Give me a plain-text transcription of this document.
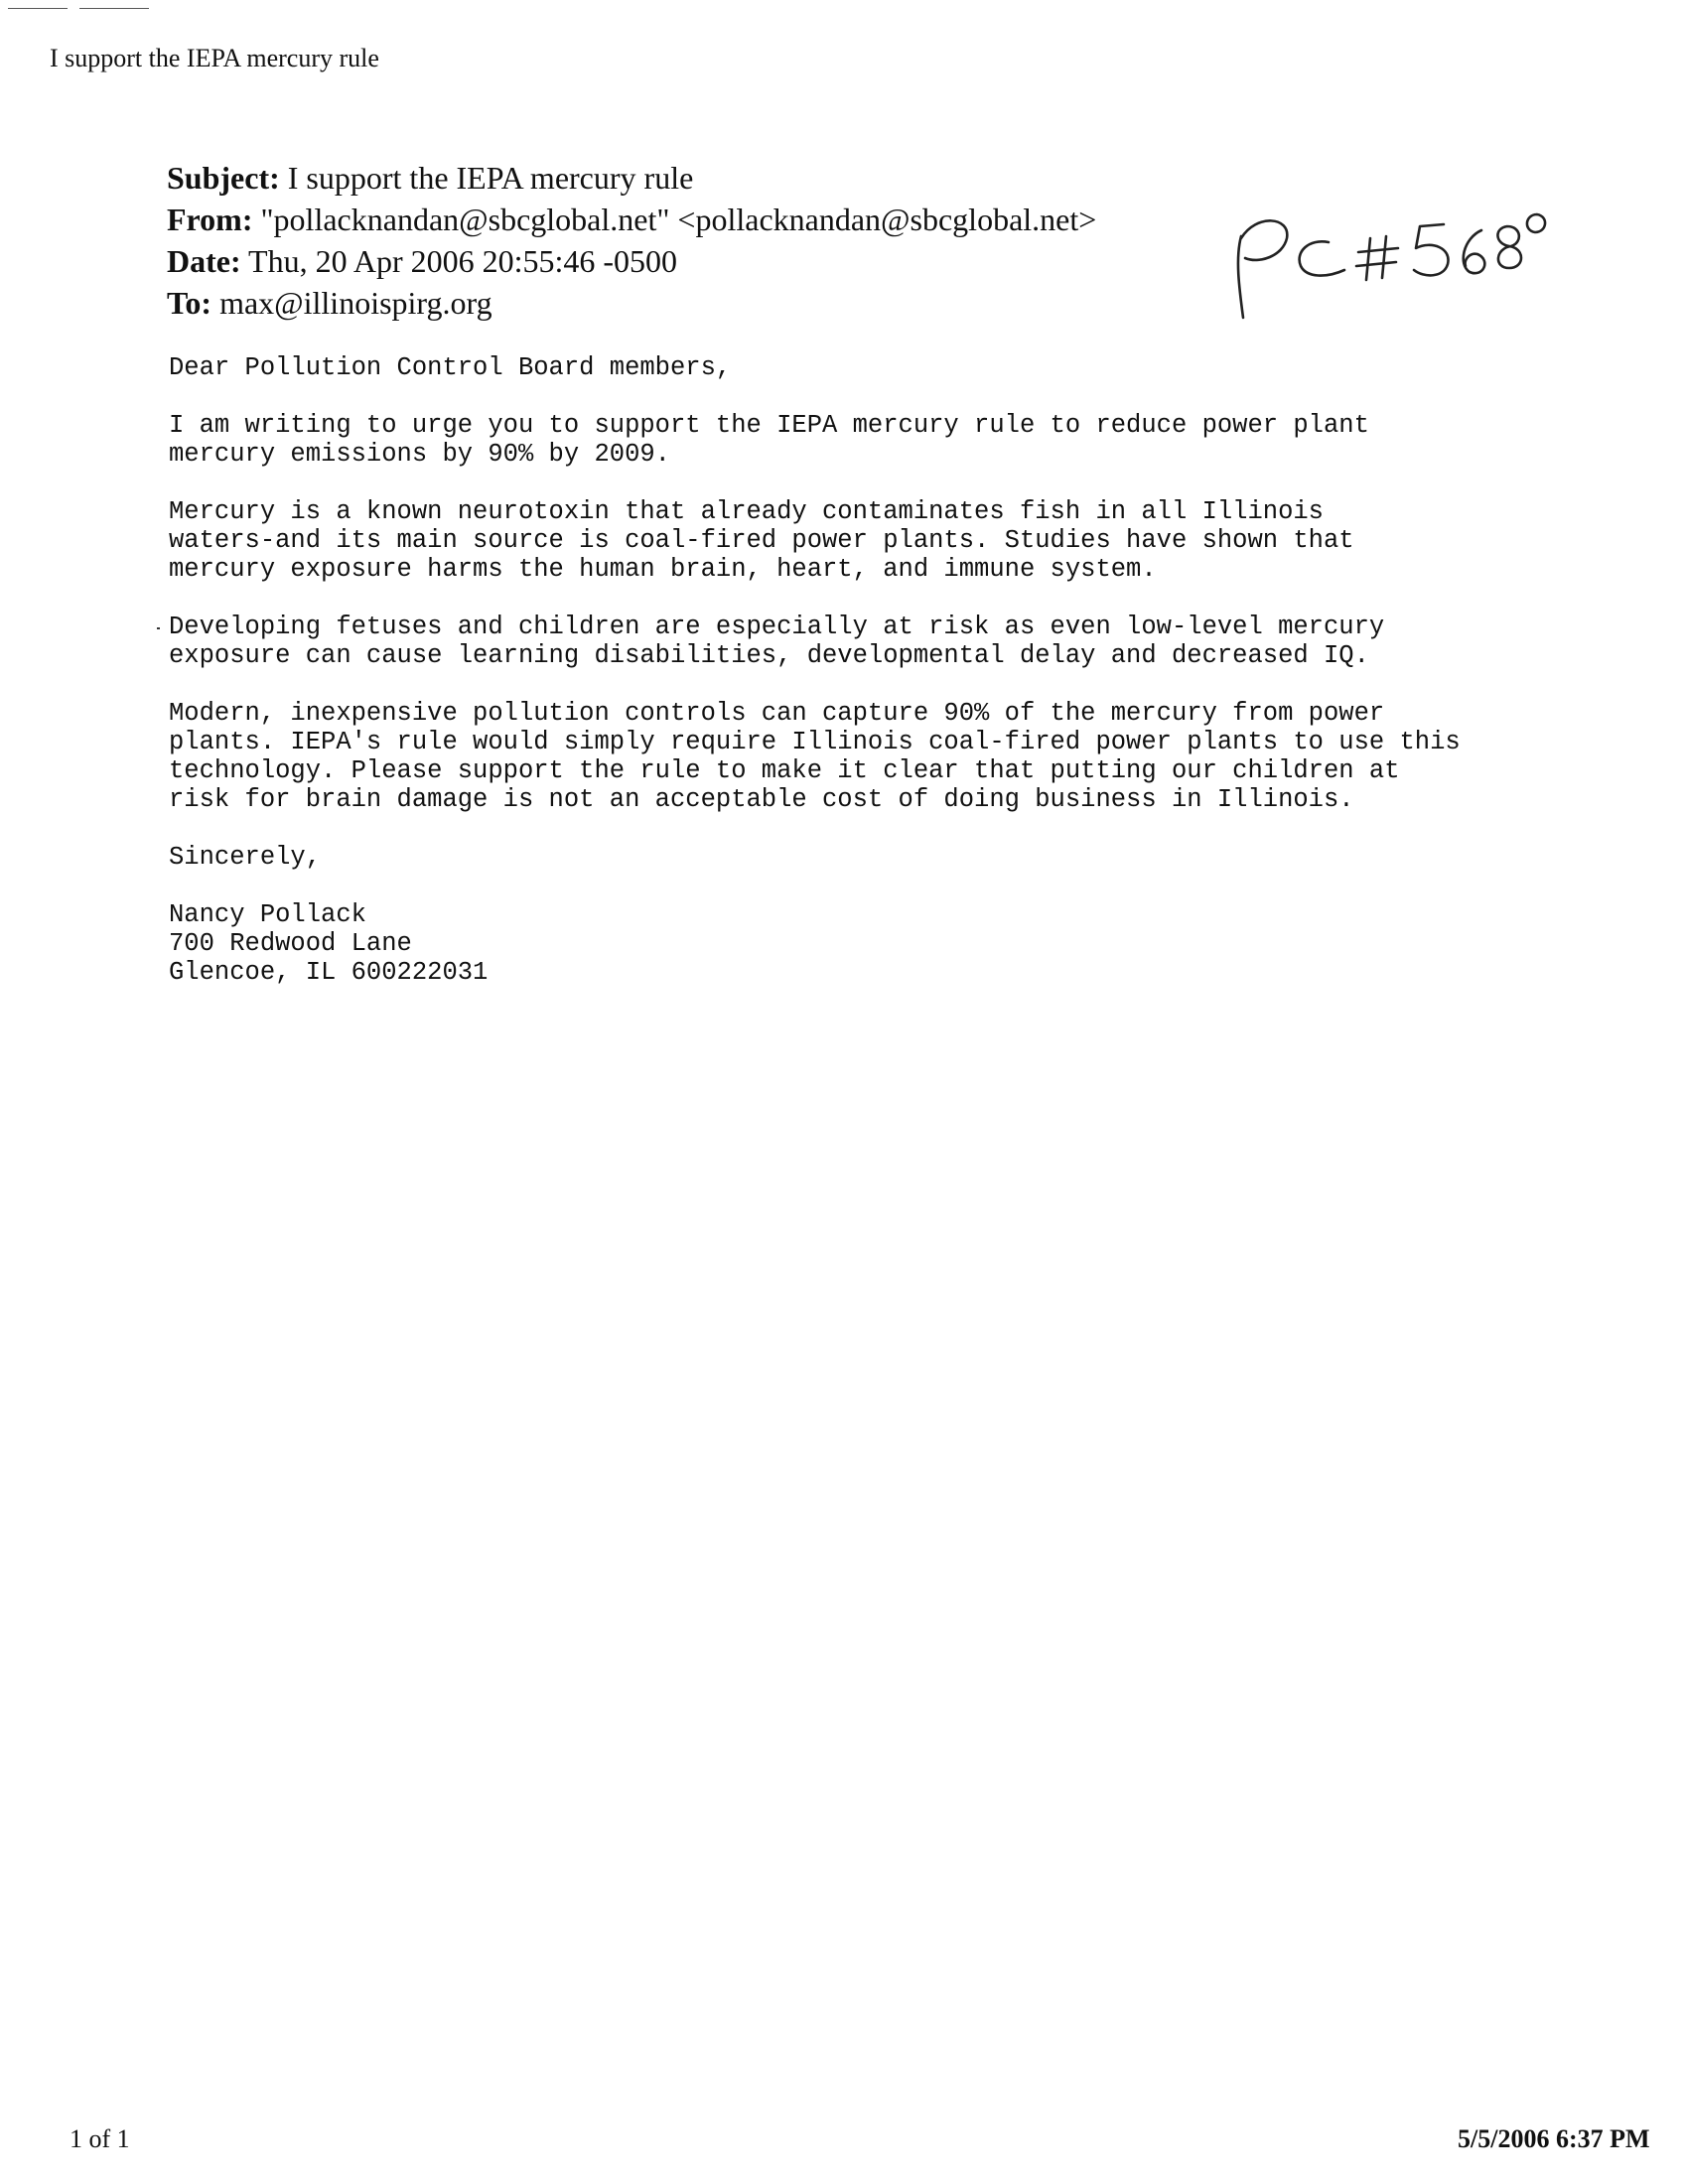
I support the IEPA mercury rule
Subject: I support the IEPA mercury rule
From: "pollacknandan@sbcglobal.net" <pollacknandan@sbcglobal.net>
Date: Thu, 20 Apr 2006 20:55:46 -0500
To: max@illinoispirg.org
PC # 5680

Dear Pollution Control Board members,

I am writing to urge you to support the IEPA mercury rule to reduce power plant
mercury emissions by 90% by 2009.

Mercury is a known neurotoxin that already contaminates fish in all Illinois
waters-and its main source is coal-fired power plants. Studies have shown that
mercury exposure harms the human brain, heart, and immune system.

Developing fetuses and children are especially at risk as even low-level mercury
exposure can cause learning disabilities, developmental delay and decreased IQ.

Modern, inexpensive pollution controls can capture 90% of the mercury from power
plants. IEPA's rule would simply require Illinois coal-fired power plants to use this
technology. Please support the rule to make it clear that putting our children at
risk for brain damage is not an acceptable cost of doing business in Illinois.

Sincerely,

Nancy Pollack
700 Redwood Lane
Glencoe, IL 600222031
1 of 1	5/5/2006 6:37 PM
